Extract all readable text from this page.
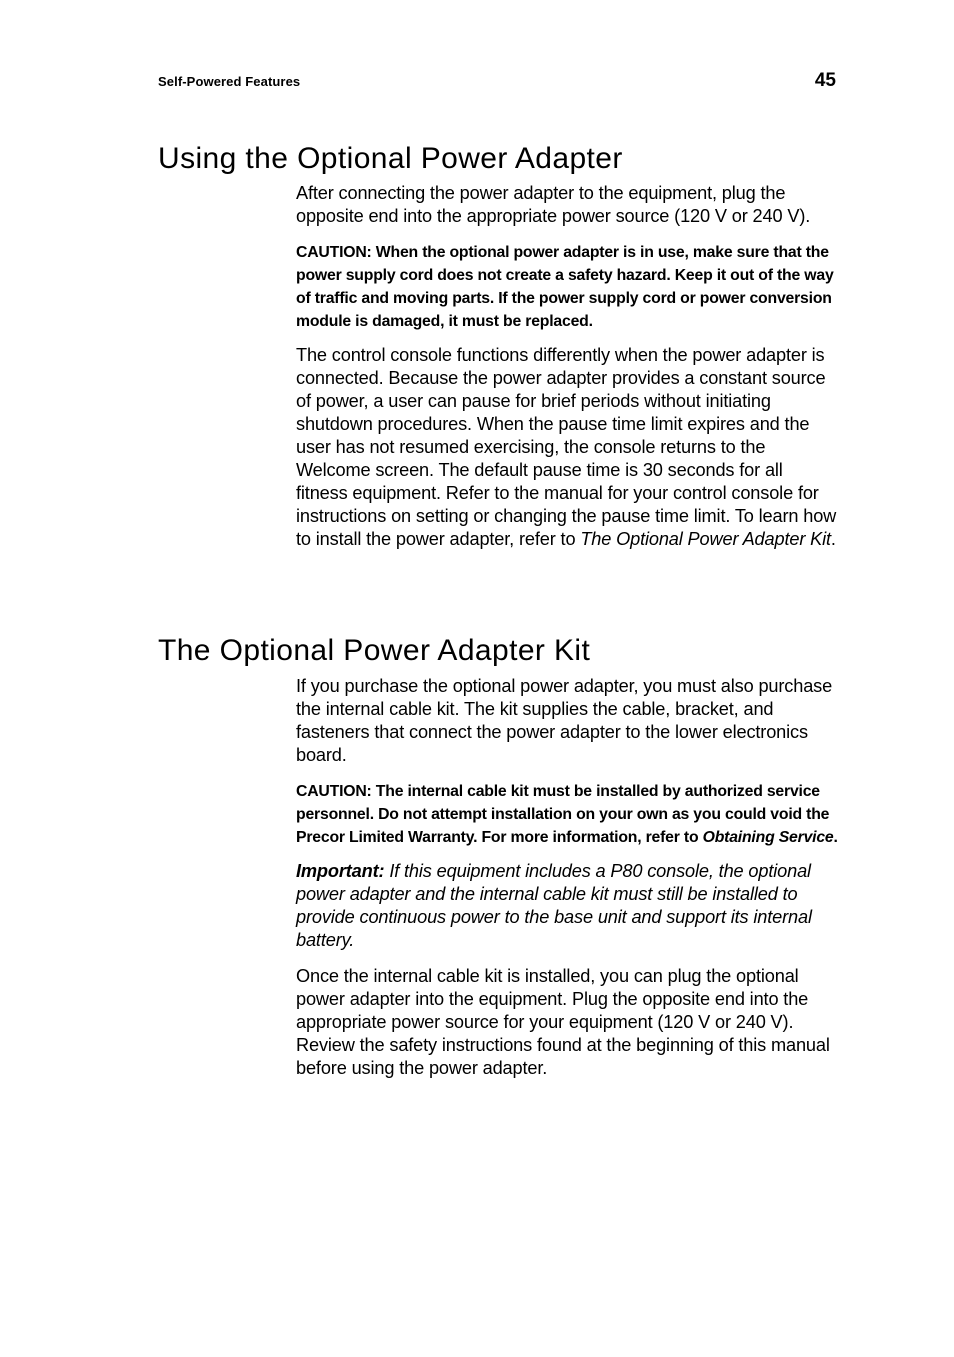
Self-Powered Features	45
Using the Optional Power Adapter

After connecting the power adapter to the equipment, plug the opposite end into the appropriate power source (120 V or 240 V).

CAUTION: When the optional power adapter is in use, make sure that the power supply cord does not create a safety hazard. Keep it out of the way of traffic and moving parts. If the power supply cord or power conversion module is damaged, it must be replaced.

The control console functions differently when the power adapter is connected. Because the power adapter provides a constant source of power, a user can pause for brief periods without initiating shutdown procedures. When the pause time limit expires and the user has not resumed exercising, the console returns to the Welcome screen. The default pause time is 30 seconds for all fitness equipment. Refer to the manual for your control console for instructions on setting or changing the pause time limit. To learn how to install the power adapter, refer to The Optional Power Adapter Kit.

The Optional Power Adapter Kit

If you purchase the optional power adapter, you must also purchase the internal cable kit. The kit supplies the cable, bracket, and fasteners that connect the power adapter to the lower electronics board.

CAUTION: The internal cable kit must be installed by authorized service personnel. Do not attempt installation on your own as you could void the Precor Limited Warranty. For more information, refer to Obtaining Service.

Important: If this equipment includes a P80 console, the optional power adapter and the internal cable kit must still be installed to provide continuous power to the base unit and support its internal battery.

Once the internal cable kit is installed, you can plug the optional power adapter into the equipment. Plug the opposite end into the appropriate power source for your equipment (120 V or 240 V). Review the safety instructions found at the beginning of this manual before using the power adapter.
